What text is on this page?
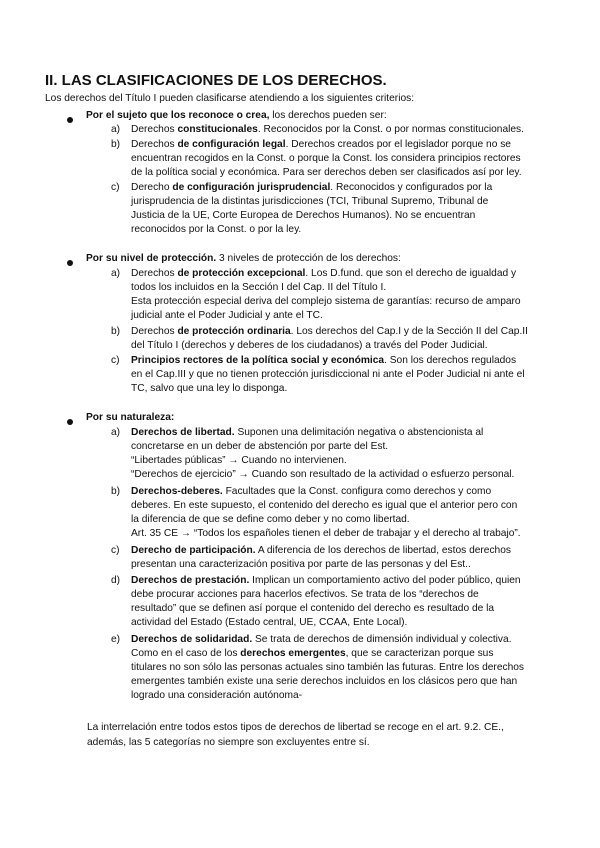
II. LAS CLASIFICACIONES DE LOS DERECHOS.
Los derechos del Título I pueden clasificarse atendiendo a los siguientes criterios:
Por el sujeto que los reconoce o crea, los derechos pueden ser:
a) Derechos constitucionales. Reconocidos por la Const. o por normas constitucionales.
b) Derechos de configuración legal. Derechos creados por el legislador porque no se
encuentran recogidos en la Const. o porque la Const. los considera principios rectores
de la política social y económica. Para ser derechos deben ser clasificados así por ley.
c) Derecho de configuración jurisprudencial. Reconocidos y configurados por la
jurisprudencia de la distintas jurisdicciones (TCI, Tribunal Supremo, Tribunal de
Justicia de la UE, Corte Europea de Derechos Humanos). No se encuentran
reconocidos por la Const. o por la ley.
Por su nivel de protección. 3 niveles de protección de los derechos:
a) Derechos de protección excepcional. Los D.fund. que son el derecho de igualdad y
todos los incluidos en la Sección I del Cap. II del Título I.
Esta protección especial deriva del complejo sistema de garantías: recurso de amparo
judicial ante el Poder Judicial y ante el TC.
b) Derechos de protección ordinaria. Los derechos del Cap.I y de la Sección II del Cap.II
del Título I (derechos y deberes de los ciudadanos) a través del Poder Judicial.
c) Principios rectores de la política social y económica. Son los derechos regulados
en el Cap.III y que no tienen protección jurisdiccional ni ante el Poder Judicial ni ante el
TC, salvo que una ley lo disponga.
Por su naturaleza:
a) Derechos de libertad. Suponen una delimitación negativa o abstencionista al
concretarse en un deber de abstención por parte del Est.
“Libertades públicas” → Cuando no intervienen.
“Derechos de ejercicio” → Cuando son resultado de la actividad o esfuerzo personal.
b) Derechos-deberes. Facultades que la Const. configura como derechos y como
deberes. En este supuesto, el contenido del derecho es igual que el anterior pero con
la diferencia de que se define como deber y no como libertad.
Art. 35 CE → “Todos los españoles tienen el deber de trabajar y el derecho al trabajo”.
c) Derecho de participación. A diferencia de los derechos de libertad, estos derechos
presentan una caracterización positiva por parte de las personas y del Est..
d) Derechos de prestación. Implican un comportamiento activo del poder público, quien
debe procurar acciones para hacerlos efectivos. Se trata de los “derechos de
resultado” que se definen así porque el contenido del derecho es resultado de la
actividad del Estado (Estado central, UE, CCAA, Ente Local).
e) Derechos de solidaridad. Se trata de derechos de dimensión individual y colectiva.
Como en el caso de los derechos emergentes, que se caracterizan porque sus
titulares no son sólo las personas actuales sino también las futuras. Entre los derechos
emergentes también existe una serie derechos incluidos en los clásicos pero que han
logrado una consideración autónoma-
La interrelación entre todos estos tipos de derechos de libertad se recoge en el art. 9.2. CE.,
además, las 5 categorías no siempre son excluyentes entre sí.
